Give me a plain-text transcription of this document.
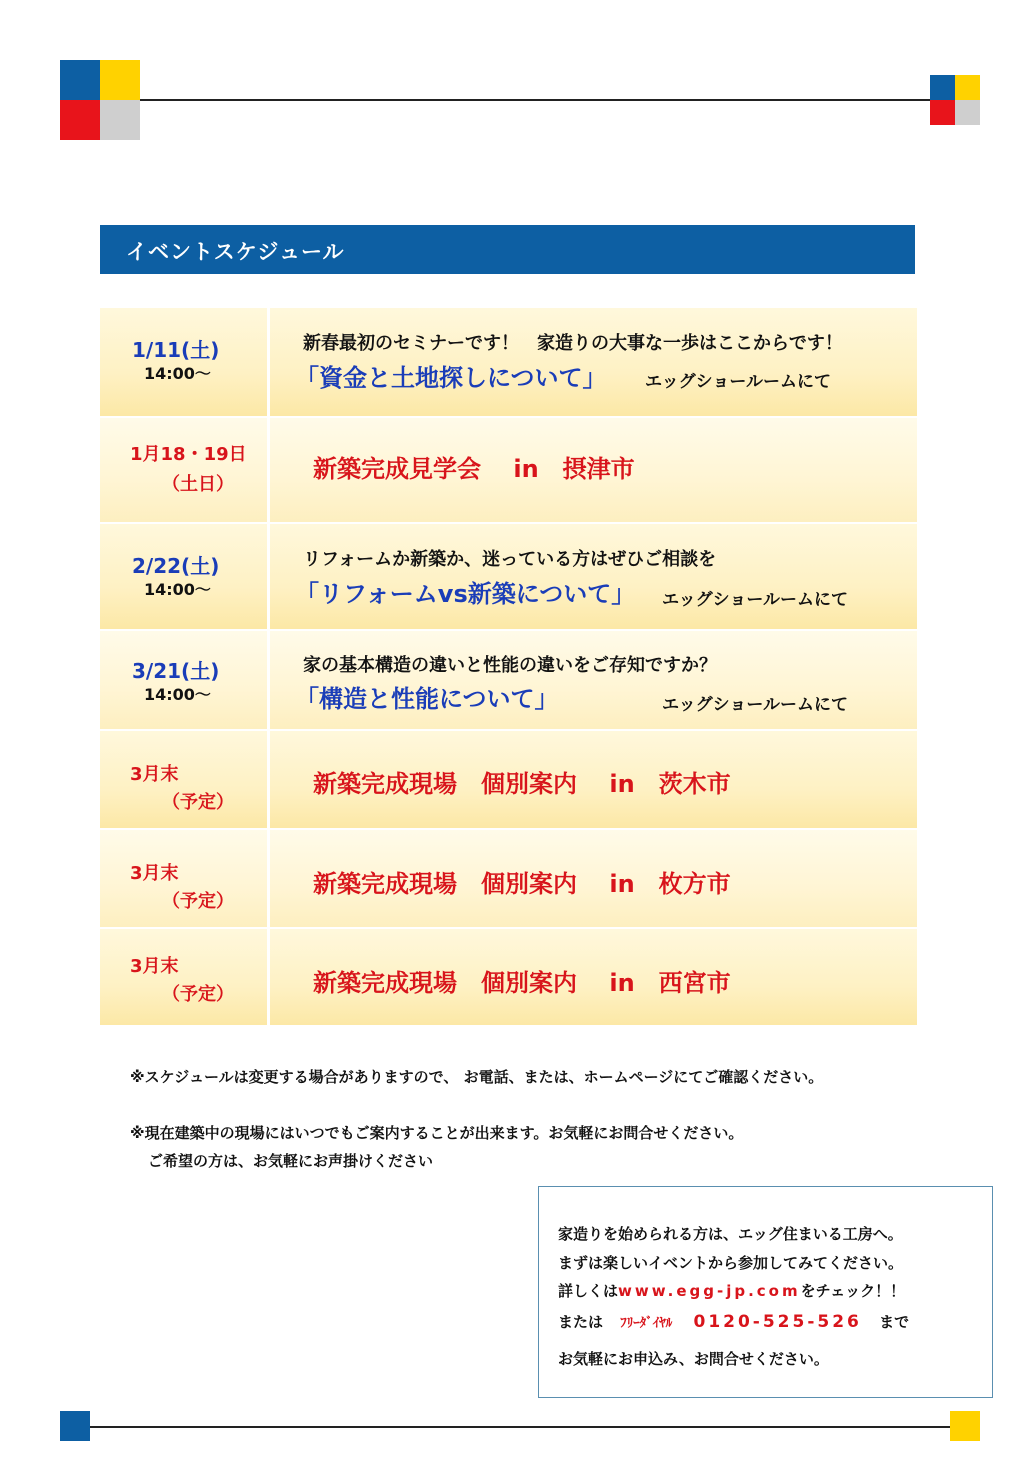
イベントスケジュール
1/11(土)
14:00～
新春最初のセミナーです！　家造りの大事な一歩はここからです！
「資金と土地探しについて」 エッグショールームにて
1月18・19日
（土日）
新築完成見学会　 in　摂津市
2/22(土)
14:00～
リフォームか新築か、迷っている方はぜひご相談を
「リフォームvs新築について」 エッグショールームにて
3/21(土)
14:00～
家の基本構造の違いと性能の違いをご存知ですか？
「構造と性能について」	エッグショールームにて
3月末
（予定）
新築完成現場　個別案内　 in　茨木市
3月末
（予定）
新築完成現場　個別案内　 in　枚方市
3月末
（予定）	新築完成現場　個別案内　 in　西宮市
※スケジュールは変更する場合がありますので、 お電話、または、ホームページにてご確認ください。
※現在建築中の現場にはいつでもご案内することが出来ます。お気軽にお問合せください。
ご希望の方は、お気軽にお声掛けください
家造りを始められる方は、エッグ住まいる工房へ。
まずは楽しいイベントから参加してみてください。
詳しくはwww.egg-jp.comをチェック！！
または ﾌﾘｰﾀﾞｲﾔﾙ 0120-525-526 まで
お気軽にお申込み、お問合せください。
